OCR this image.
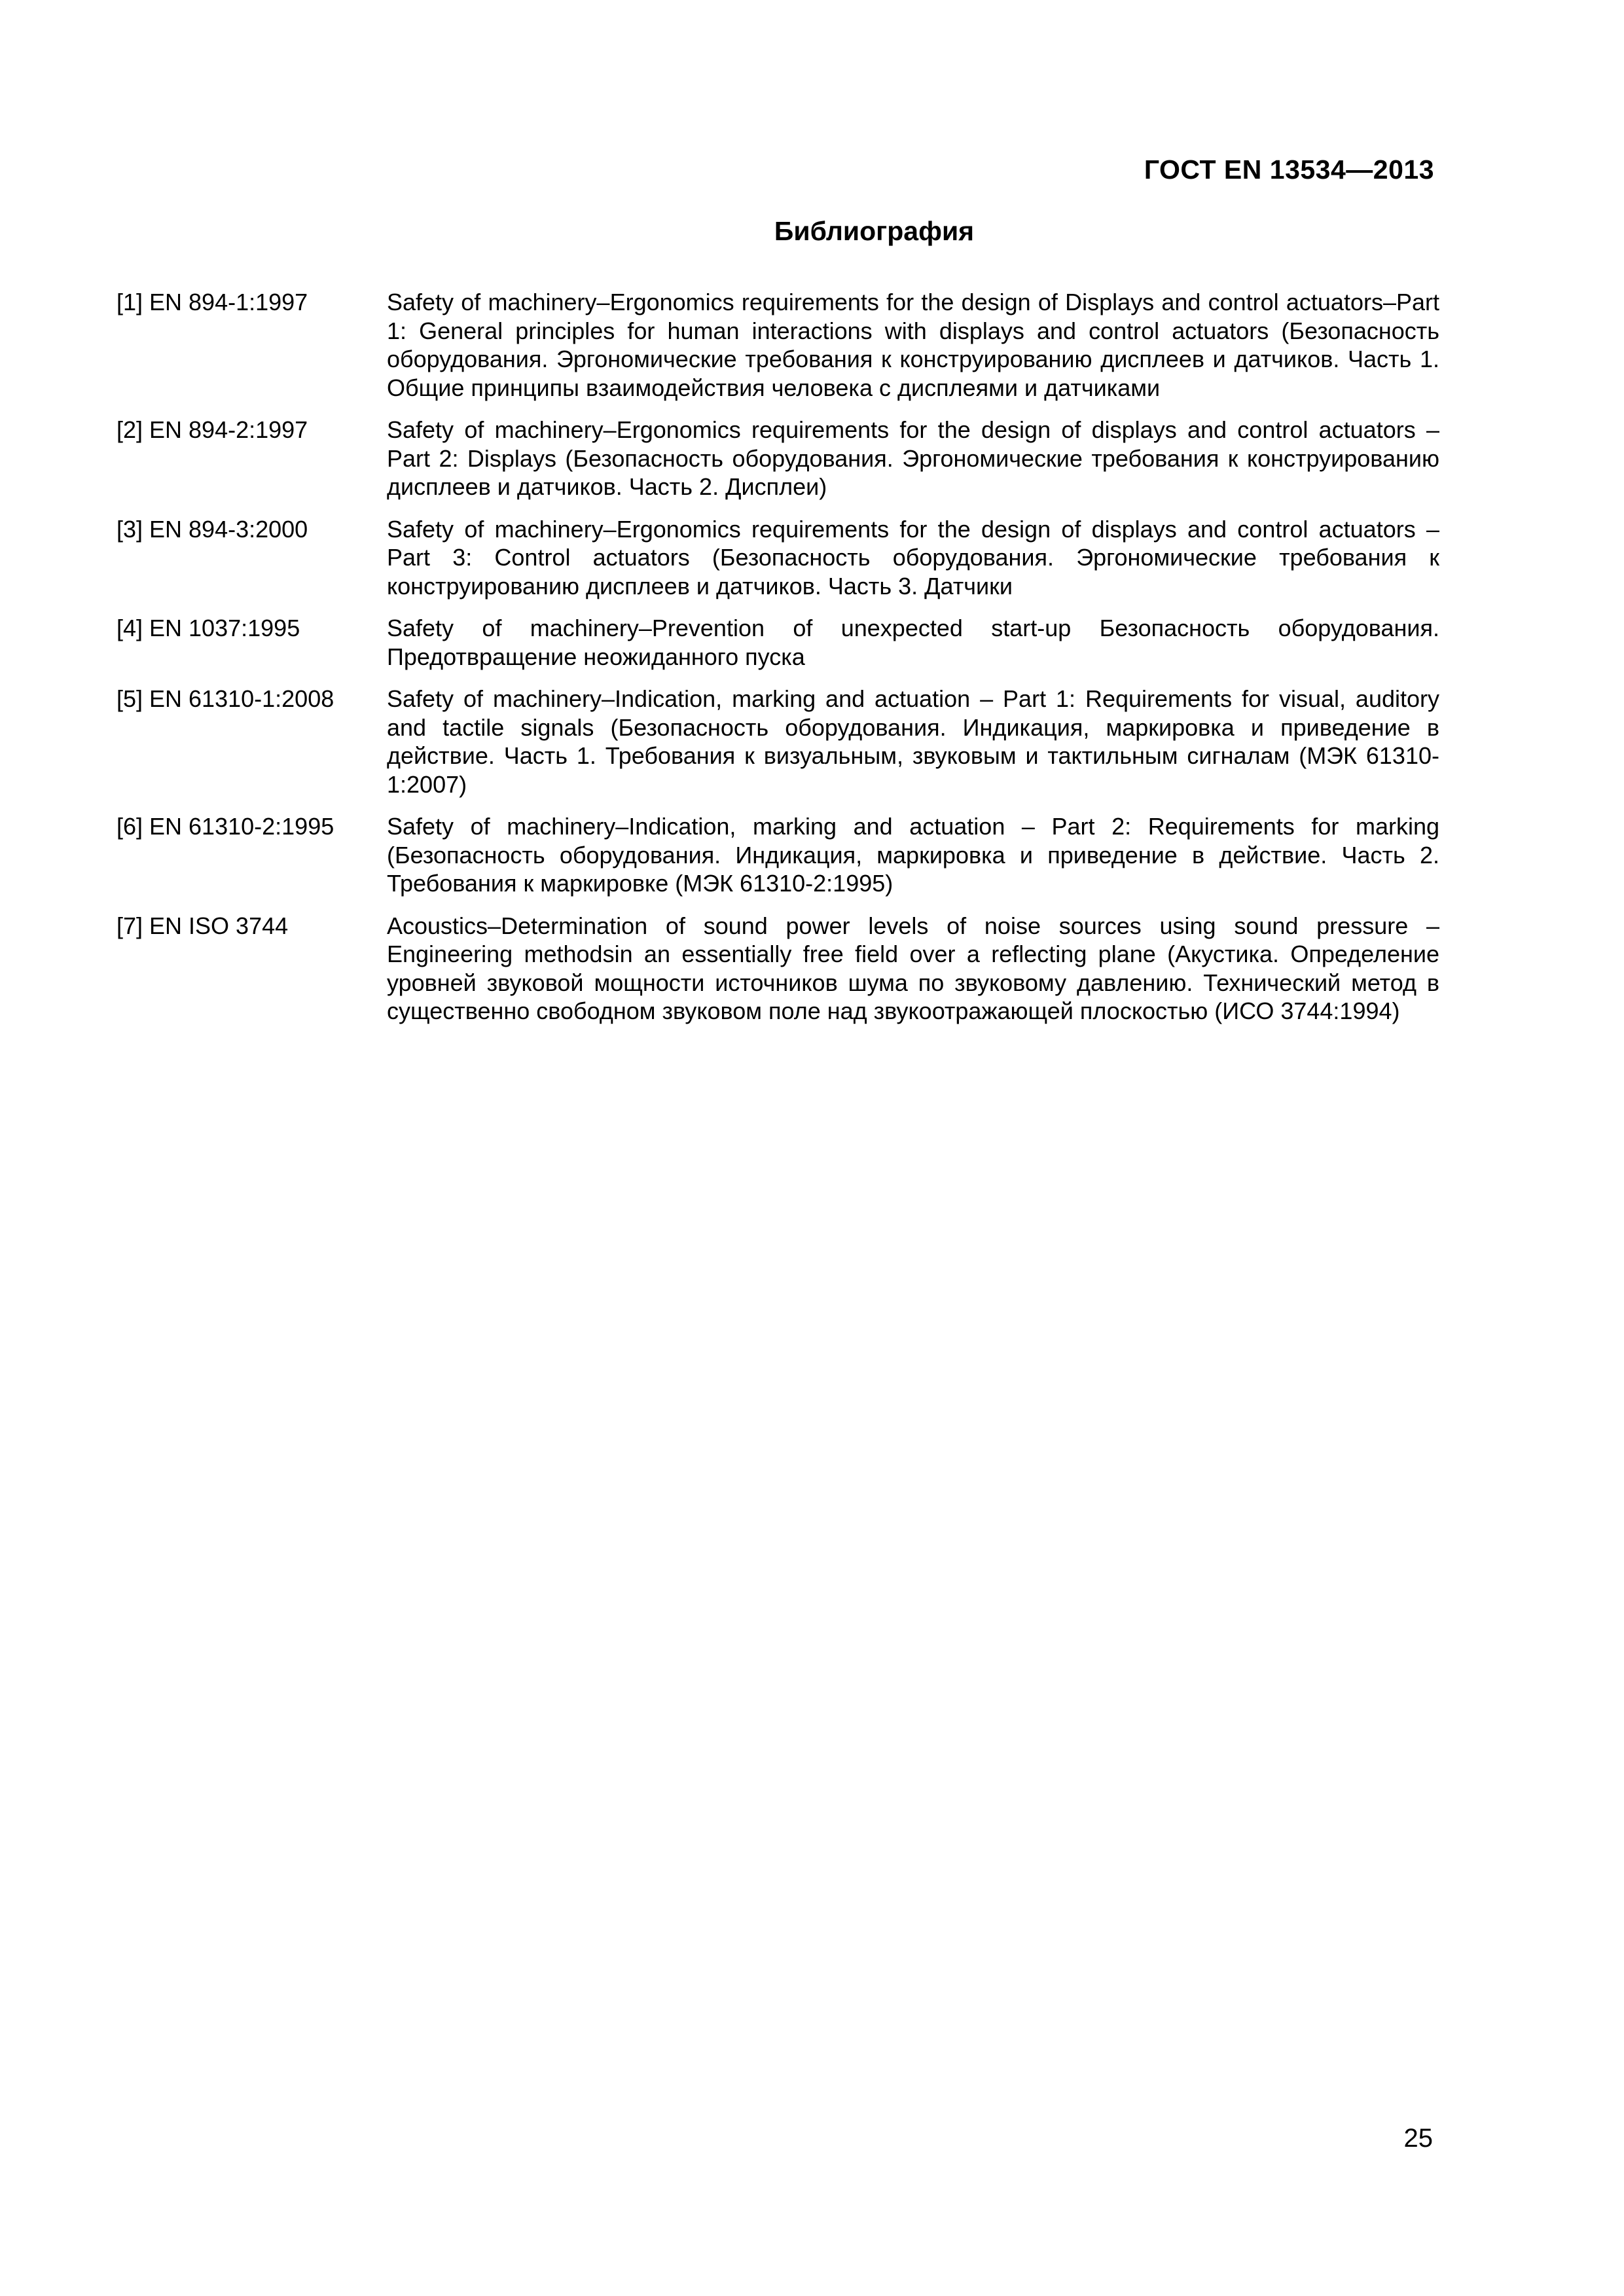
ГОСТ EN 13534—2013
Библиография
[1] EN 894-1:1997	Safety of machinery–Ergonomics requirements for the design of Displays and control actuators–Part 1: General principles for human interactions with displays and control actuators (Безопасность оборудования. Эргономические требования к конструированию дисплеев и датчиков. Часть 1. Общие принципы взаимодействия человека с дисплеями и датчиками
[2] EN 894-2:1997	Safety of machinery–Ergonomics requirements for the design of displays and control actuators – Part 2: Displays (Безопасность оборудования. Эргономические требования к конструированию дисплеев и датчиков. Часть 2. Дисплеи)
[3] EN 894-3:2000	Safety of machinery–Ergonomics requirements for the design of displays and control actuators – Part 3: Control actuators (Безопасность оборудования. Эргономические требования к конструированию дисплеев и датчиков. Часть 3. Датчики
[4] EN 1037:1995	Safety of machinery–Prevention of unexpected start-up Безопасность оборудования. Предотвращение неожиданного пуска
[5] EN 61310-1:2008 Safety of machinery–Indication, marking and actuation – Part 1: Requirements for visual, auditory and tactile signals (Безопасность оборудования. Индикация, маркировка и приведение в действие. Часть 1. Требования к визуальным, звуковым и тактильным сигналам (МЭК 61310-1:2007)
[6] EN 61310-2:1995 Safety of machinery–Indication, marking and actuation – Part 2: Requirements for marking (Безопасность оборудования. Индикация, маркировка и приведение в действие. Часть 2. Требования к маркировке (МЭК 61310-2:1995)
[7] EN ISO 3744	Acoustics–Determination of sound power levels of noise sources using sound pressure – Engineering methodsin an essentially free field over a reflecting plane (Акустика. Определение уровней звуковой мощности источников шума по звуковому давлению. Технический метод в существенно свободном звуковом поле над звукоотражающей плоскостью (ИСО 3744:1994)
25
